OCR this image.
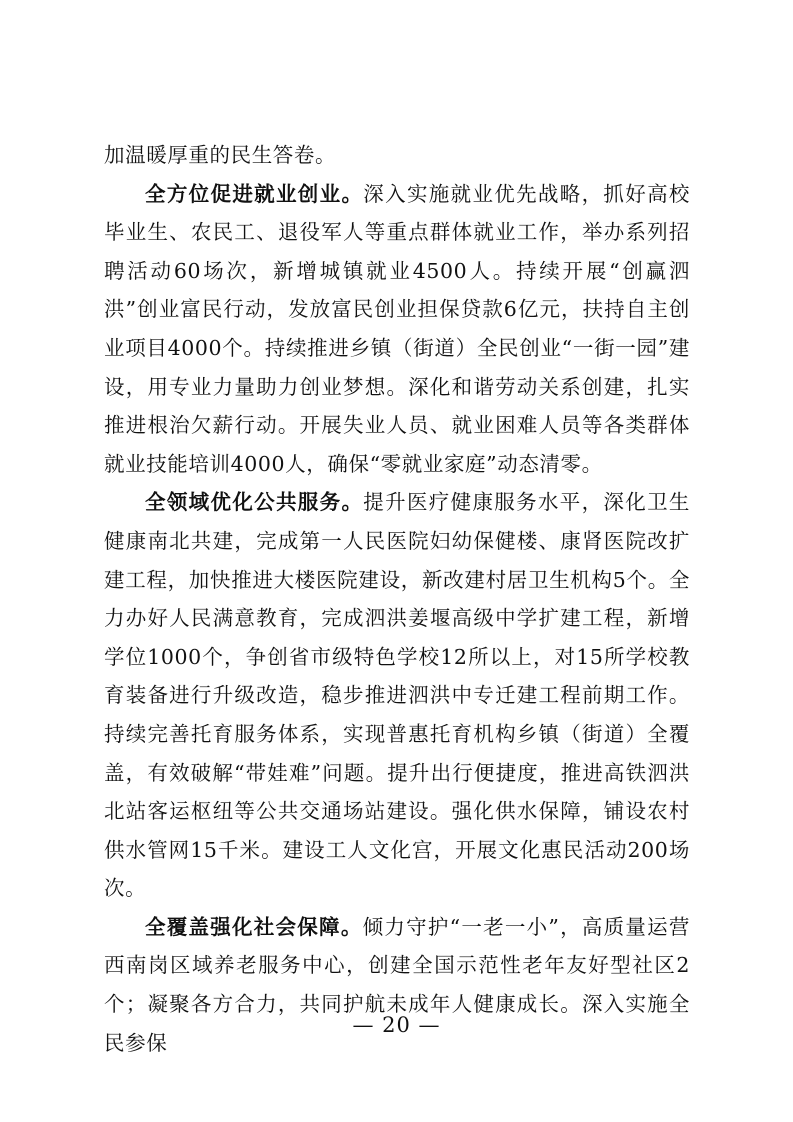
加温暖厚重的民生答卷。

全方位促进就业创业。深入实施就业优先战略，抓好高校毕业生、农民工、退役军人等重点群体就业工作，举办系列招聘活动60场次，新增城镇就业4500人。持续开展“创赢泗洪”创业富民行动，发放富民创业担保贷款6亿元，扶持自主创业项目4000个。持续推进乡镇（街道）全民创业“一街一园”建设，用专业力量助力创业梦想。深化和谐劳动关系创建，扎实推进根治欠薪行动。开展失业人员、就业困难人员等各类群体就业技能培训4000人，确保“零就业家庭”动态清零。

全领域优化公共服务。提升医疗健康服务水平，深化卫生健康南北共建，完成第一人民医院妇幼保健楼、康肾医院改扩建工程，加快推进大楼医院建设，新改建村居卫生机构5个。全力办好人民满意教育，完成泗洪姜堰高级中学扩建工程，新增学位1000个，争创省市级特色学校12所以上，对15所学校教育装备进行升级改造，稳步推进泗洪中专迁建工程前期工作。持续完善托育服务体系，实现普惠托育机构乡镇（街道）全覆盖，有效破解“带娃难”问题。提升出行便捷度，推进高铁泗洪北站客运枢纽等公共交通场站建设。强化供水保障，铺设农村供水管网15千米。建设工人文化宫，开展文化惠民活动200场次。

全覆盖强化社会保障。倾力守护“一老一小”，高质量运营西南岗区域养老服务中心，创建全国示范性老年友好型社区2个；凝聚各方合力，共同护航未成年人健康成长。深入实施全民参保

— 20 —
